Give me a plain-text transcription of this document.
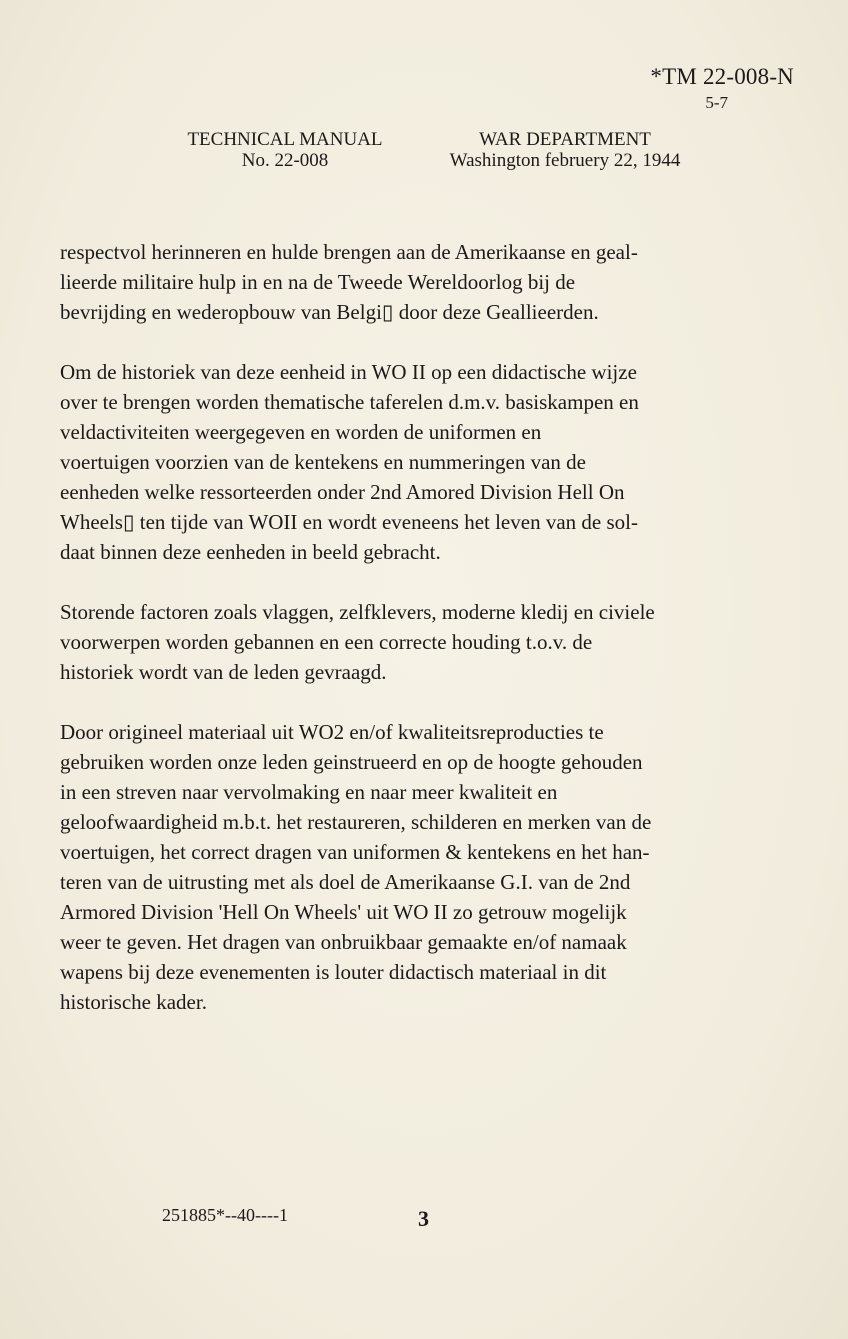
*TM 22-008-N
5-7
TECHNICAL MANUAL
No. 22-008
WAR DEPARTMENT
Washington februery 22, 1944
respectvol herinneren en hulde brengen aan de Amerikaanse en geal-
lieerde militaire hulp in en na de Tweede Wereldoorlog bij de
bevrijding en wederopbouw van Belgi▯ door deze Geallieerden.
Om de historiek van deze eenheid in WO II op een didactische wijze
over te brengen worden thematische taferelen d.m.v. basiskampen en
veldactiviteiten weergegeven en worden de uniformen en
voertuigen voorzien van de kentekens en nummeringen van de
eenheden welke ressorteerden onder 2nd Amored Division Hell On
Wheels▯ ten tijde van WOII en wordt eveneens het leven van de sol-
daat binnen deze eenheden in beeld gebracht.
Storende factoren zoals vlaggen, zelfklevers, moderne kledij en civiele
voorwerpen worden gebannen en een correcte houding t.o.v. de
historiek wordt van de leden gevraagd.
Door origineel materiaal uit WO2 en/of kwaliteitsreproducties te
gebruiken worden onze leden geinstrueerd en op de hoogte gehouden
in een streven naar vervolmaking en naar meer kwaliteit en
geloofwaardigheid m.b.t. het restaureren, schilderen en merken van de
voertuigen, het correct dragen van uniformen & kentekens en het han-
teren van de uitrusting met als doel de Amerikaanse G.I. van de 2nd
Armored Division 'Hell On Wheels' uit WO II zo getrouw mogelijk
weer te geven. Het dragen van onbruikbaar gemaakte en/of namaak
wapens bij deze evenementen is louter didactisch materiaal in dit
historische kader.
251885*--40----1	3
